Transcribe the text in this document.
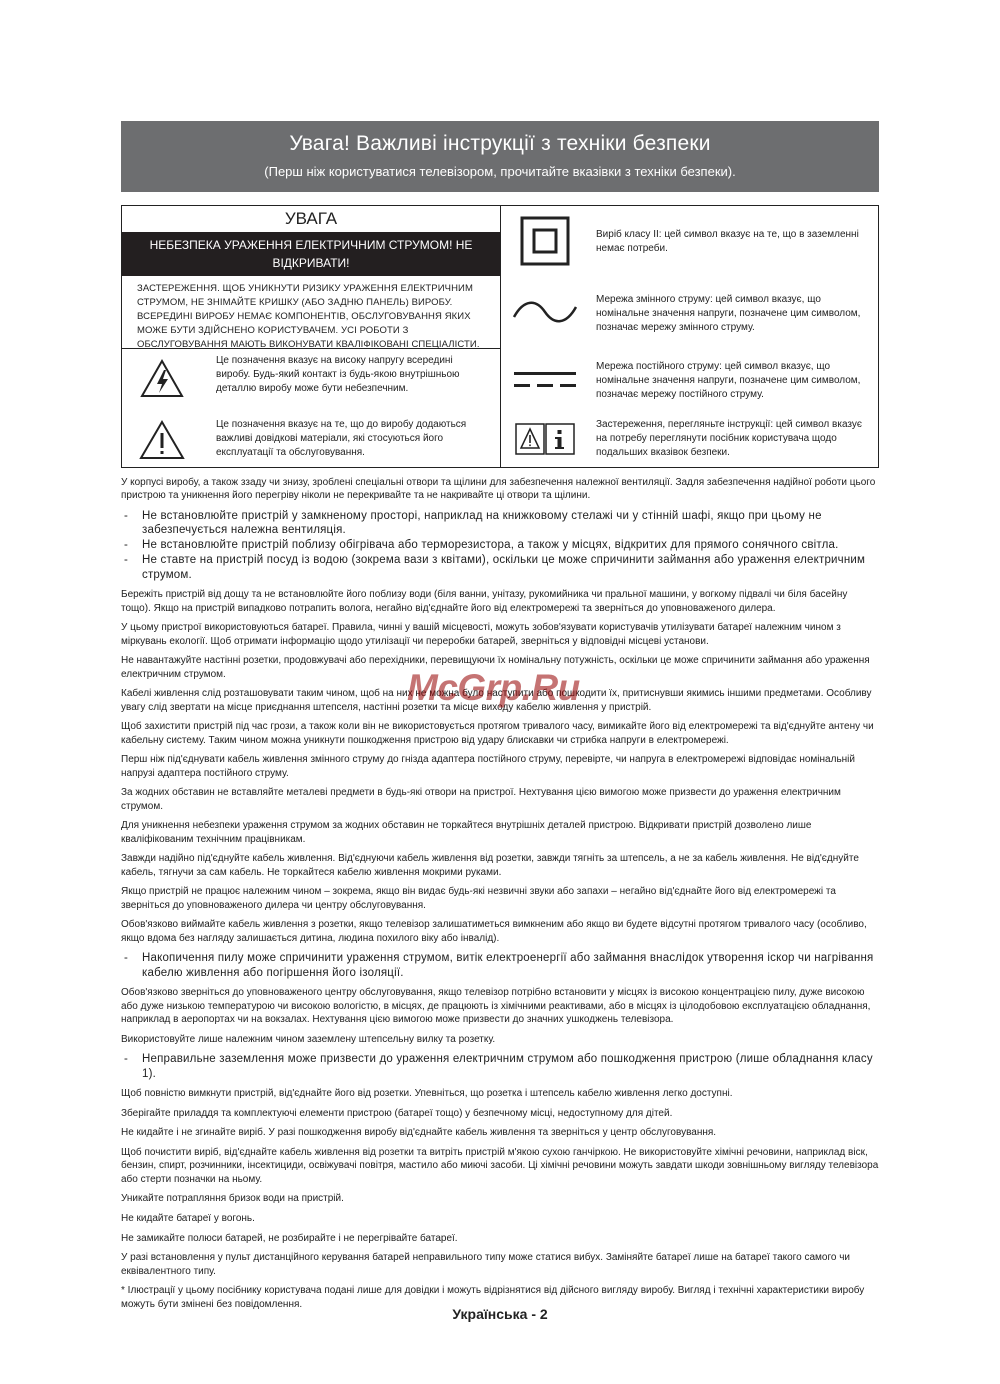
Увага! Важливі інструкції з техніки безпеки
(Перш ніж користуватися телевізором, прочитайте вказівки з техніки безпеки).
УВАГА
НЕБЕЗПЕКА УРАЖЕННЯ ЕЛЕКТРИЧНИМ СТРУМОМ! НЕ ВІДКРИВАТИ!
ЗАСТЕРЕЖЕННЯ. ЩОБ УНИКНУТИ РИЗИКУ УРАЖЕННЯ ЕЛЕКТРИЧНИМ СТРУМОМ, НЕ ЗНІМАЙТЕ КРИШКУ (АБО ЗАДНЮ ПАНЕЛЬ) ВИРОБУ. ВСЕРЕДИНІ ВИРОБУ НЕМАЄ КОМПОНЕНТІВ, ОБСЛУГОВУВАННЯ ЯКИХ МОЖЕ БУТИ ЗДІЙСНЕНО КОРИСТУВАЧЕМ. УСІ РОБОТИ З ОБСЛУГОВУВАННЯ МАЮТЬ ВИКОНУВАТИ КВАЛІФІКОВАНІ СПЕЦІАЛІСТИ.
Це позначення вказує на високу напругу всередині виробу. Будь-який контакт із будь-якою внутрішньою деталлю виробу може бути небезпечним.
Це позначення вказує на те, що до виробу додаються важливі довідкові матеріали, які стосуються його експлуатації та обслуговування.
Виріб класу II: цей символ вказує на те, що в заземленні немає потреби.
Мережа змінного струму: цей символ вказує, що номінальне значення напруги, позначене цим символом, позначає мережу змінного струму.
Мережа постійного струму: цей символ вказує, що номінальне значення напруги, позначене цим символом, позначає мережу постійного струму.
Застереження, перегляньте інструкції: цей символ вказує на потребу переглянути посібник користувача щодо подальших вказівок безпеки.

У корпусі виробу, а також ззаду чи знизу, зроблені спеціальні отвори та щілини для забезпечення належної вентиляції. Задля забезпечення надійної роботи цього пристрою та уникнення його перегріву ніколи не перекривайте та не накривайте ці отвори та щілини.

- Не встановлюйте пристрій у замкненому просторі, наприклад на книжковому стелажі чи у стінній шафі, якщо при цьому не забезпечується належна вентиляція.
- Не встановлюйте пристрій поблизу обігрівача або терморезистора, а також у місцях, відкритих для прямого сонячного світла.
- Не ставте на пристрій посуд із водою (зокрема вази з квітами), оскільки це може спричинити займання або ураження електричним струмом.

Бережіть пристрій від дощу та не встановлюйте його поблизу води (біля ванни, унітазу, рукомийника чи пральної машини, у вогкому підвалі чи біля басейну тощо). Якщо на пристрій випадково потрапить волога, негайно від'єднайте його від електромережі та зверніться до уповноваженого дилера.

У цьому пристрої використовуються батареї. Правила, чинні у вашій місцевості, можуть зобов'язувати користувачів утилізувати батареї належним чином з міркувань екології. Щоб отримати інформацію щодо утилізації чи переробки батарей, зверніться у відповідні місцеві установи.

Не навантажуйте настінні розетки, продовжувачі або перехідники, перевищуючи їх номінальну потужність, оскільки це може спричинити займання або ураження електричним струмом.

Кабелі живлення слід розташовувати таким чином, щоб на них не можна було наступити або пошкодити їх, притиснувши якимись іншими предметами. Особливу увагу слід звертати на місце приєднання штепселя, настінні розетки та місце виходу кабелю живлення у пристрій.

Щоб захистити пристрій під час грози, а також коли він не використовується протягом тривалого часу, вимикайте його від електромережі та від'єднуйте антену чи кабельну систему. Таким чином можна уникнути пошкодження пристрою від удару блискавки чи стрибка напруги в електромережі.

Перш ніж під'єднувати кабель живлення змінного струму до гнізда адаптера постійного струму, перевірте, чи напруга в електромережі відповідає номінальній напрузі адаптера постійного струму.

За жодних обставин не вставляйте металеві предмети в будь-які отвори на пристрої. Нехтування цією вимогою може призвести до ураження електричним струмом.

Для уникнення небезпеки ураження струмом за жодних обставин не торкайтеся внутрішніх деталей пристрою. Відкривати пристрій дозволено лише кваліфікованим технічним працівникам.

Завжди надійно під'єднуйте кабель живлення. Від'єднуючи кабель живлення від розетки, завжди тягніть за штепсель, а не за кабель живлення. Не від'єднуйте кабель, тягнучи за сам кабель. Не торкайтеся кабелю живлення мокрими руками.

Якщо пристрій не працює належним чином – зокрема, якщо він видає будь-які незвичні звуки або запахи – негайно від'єднайте його від електромережі та зверніться до уповноваженого дилера чи центру обслуговування.

Обов'язково виймайте кабель живлення з розетки, якщо телевізор залишатиметься вимкненим або якщо ви будете відсутні протягом тривалого часу (особливо, якщо вдома без нагляду залишається дитина, людина похилого віку або інвалід).

- Накопичення пилу може спричинити ураження струмом, витік електроенергії або займання внаслідок утворення іскор чи нагрівання кабелю живлення або погіршення його ізоляції.

Обов'язково зверніться до уповноваженого центру обслуговування, якщо телевізор потрібно встановити у місцях із високою концентрацією пилу, дуже високою або дуже низькою температурою чи високою вологістю, в місцях, де працюють із хімічними реактивами, або в місцях із цілодобовою експлуатацією обладнання, наприклад в аеропортах чи на вокзалах. Нехтування цією вимогою може призвести до значних ушкоджень телевізора.

Використовуйте лише належним чином заземлену штепсельну вилку та розетку.

- Неправильне заземлення може призвести до ураження електричним струмом або пошкодження пристрою (лише обладнання класу 1).

Щоб повністю вимкнути пристрій, від'єднайте його від розетки. Упевніться, що розетка і штепсель кабелю живлення легко доступні.

Зберігайте приладдя та комплектуючі елементи пристрою (батареї тощо) у безпечному місці, недоступному для дітей.

Не кидайте і не згинайте виріб. У разі пошкодження виробу від'єднайте кабель живлення та зверніться у центр обслуговування.

Щоб почистити виріб, від'єднайте кабель живлення від розетки та витріть пристрій м'якою сухою ганчіркою. Не використовуйте хімічні речовини, наприклад віск, бензин, спирт, розчинники, інсектициди, освіжувачі повітря, мастило або миючі засоби. Ці хімічні речовини можуть завдати шкоди зовнішньому вигляду телевізора або стерти позначки на ньому.

Уникайте потрапляння бризок води на пристрій.

Не кидайте батареї у вогонь.

Не замикайте полюси батарей, не розбирайте і не перегрівайте батареї.

У разі встановлення у пульт дистанційного керування батарей неправильного типу може статися вибух. Заміняйте батареї лише на батареї такого самого чи еквівалентного типу.

* Ілюстрації у цьому посібнику користувача подані лише для довідки і можуть відрізнятися від дійсного вигляду виробу. Вигляд і технічні характеристики виробу можуть бути змінені без повідомлення.

McGrp.Ru
Українська - 2
